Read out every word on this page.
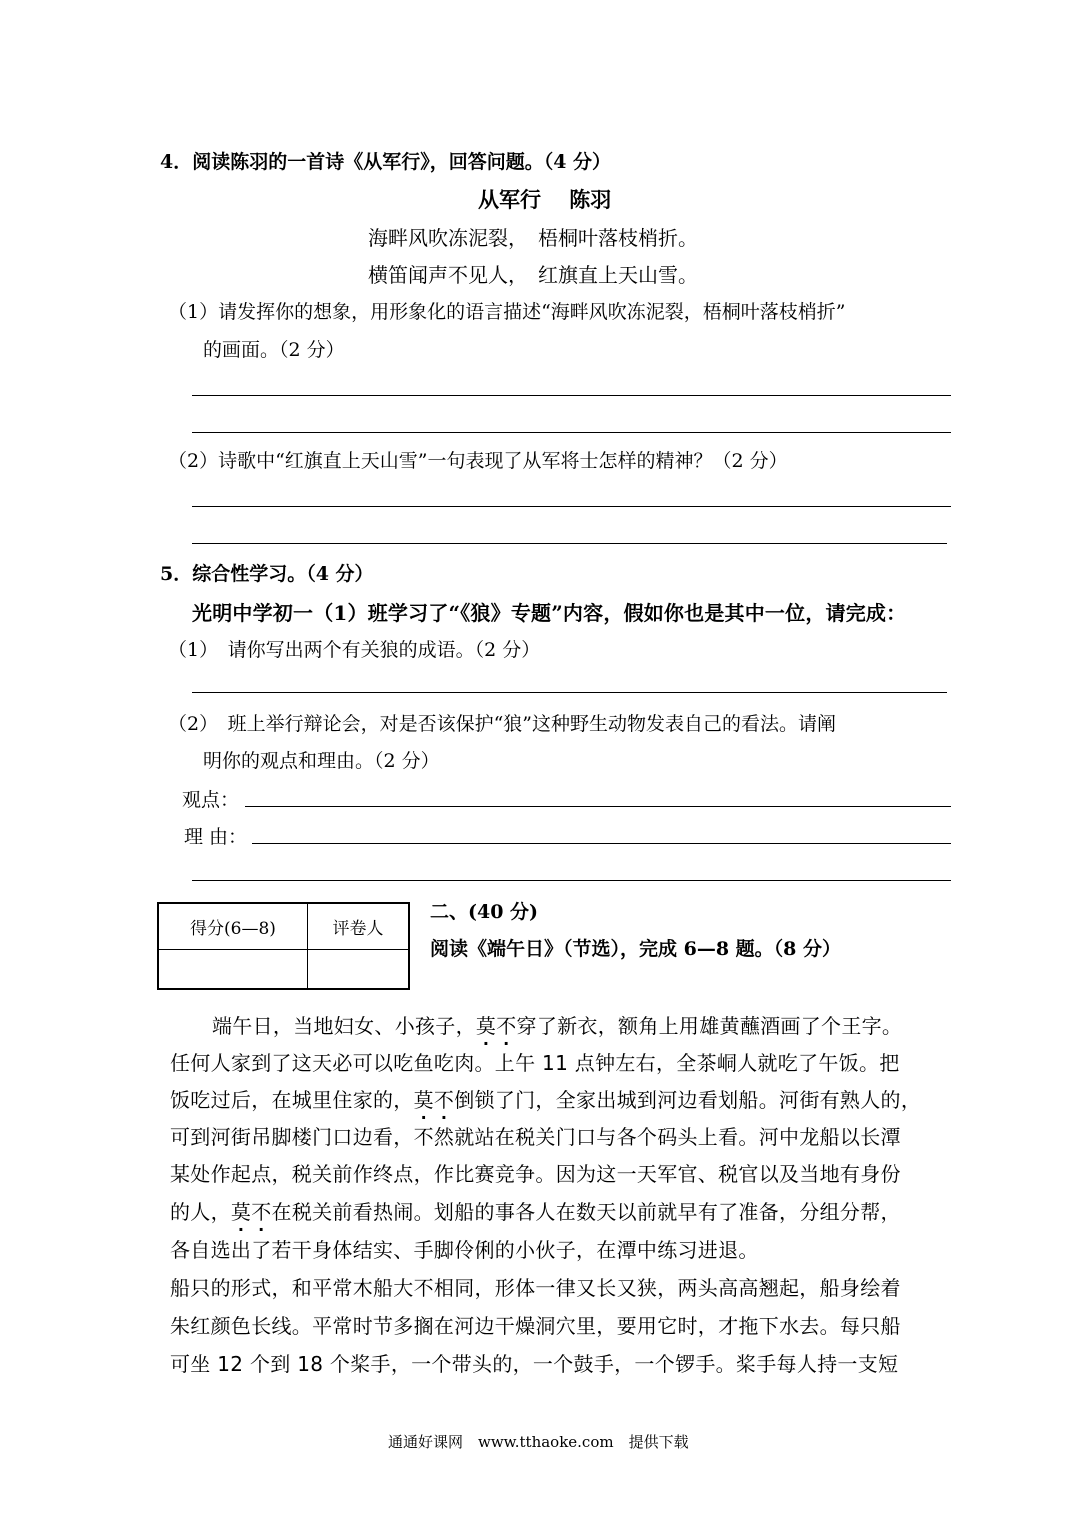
4．阅读陈羽的一首诗《从军行》，回答问题。（4 分）
从军行　 陈羽
海畔风吹冻泥裂，　梧桐叶落枝梢折。
横笛闻声不见人，　红旗直上天山雪。
（1）请发挥你的想象，用形象化的语言描述“海畔风吹冻泥裂，梧桐叶落枝梢折”
的画面。（2 分）
（2）诗歌中“红旗直上天山雪”一句表现了从军将士怎样的精神？（2 分）
5．综合性学习。（4 分）
光明中学初一（1）班学习了“《狼》专题”内容，假如你也是其中一位，请完成：
（1）　请你写出两个有关狼的成语。（2 分）
（2）　班上举行辩论会，对是否该保护“狼”这种野生动物发表自己的看法。请阐
明你的观点和理由。（2 分）
观点：
理 由：
得分(6—8)	评卷人

二、(40 分)
阅读《端午日》（节选），完成 6—8 题。（8 分）
端午日，当地妇女、小孩子，莫不穿了新衣，额角上用雄黄蘸酒画了个王字。
任何人家到了这天必可以吃鱼吃肉。上午 11 点钟左右，全茶峒人就吃了午饭。把
饭吃过后，在城里住家的，莫不倒锁了门，全家出城到河边看划船。河街有熟人的，
可到河街吊脚楼门口边看，不然就站在税关门口与各个码头上看。河中龙船以长潭
某处作起点，税关前作终点，作比赛竞争。因为这一天军官、税官以及当地有身份
的人，莫不在税关前看热闹。划船的事各人在数天以前就早有了准备，分组分帮，
各自选出了若干身体结实、手脚伶俐的小伙子，在潭中练习进退。
船只的形式，和平常木船大不相同，形体一律又长又狭，两头高高翘起，船身绘着
朱红颜色长线。平常时节多搁在河边干燥洞穴里，要用它时，才拖下水去。每只船
可坐 12 个到 18 个桨手，一个带头的，一个鼓手，一个锣手。桨手每人持一支短
通通好课网　www.tthaoke.com　提供下载
